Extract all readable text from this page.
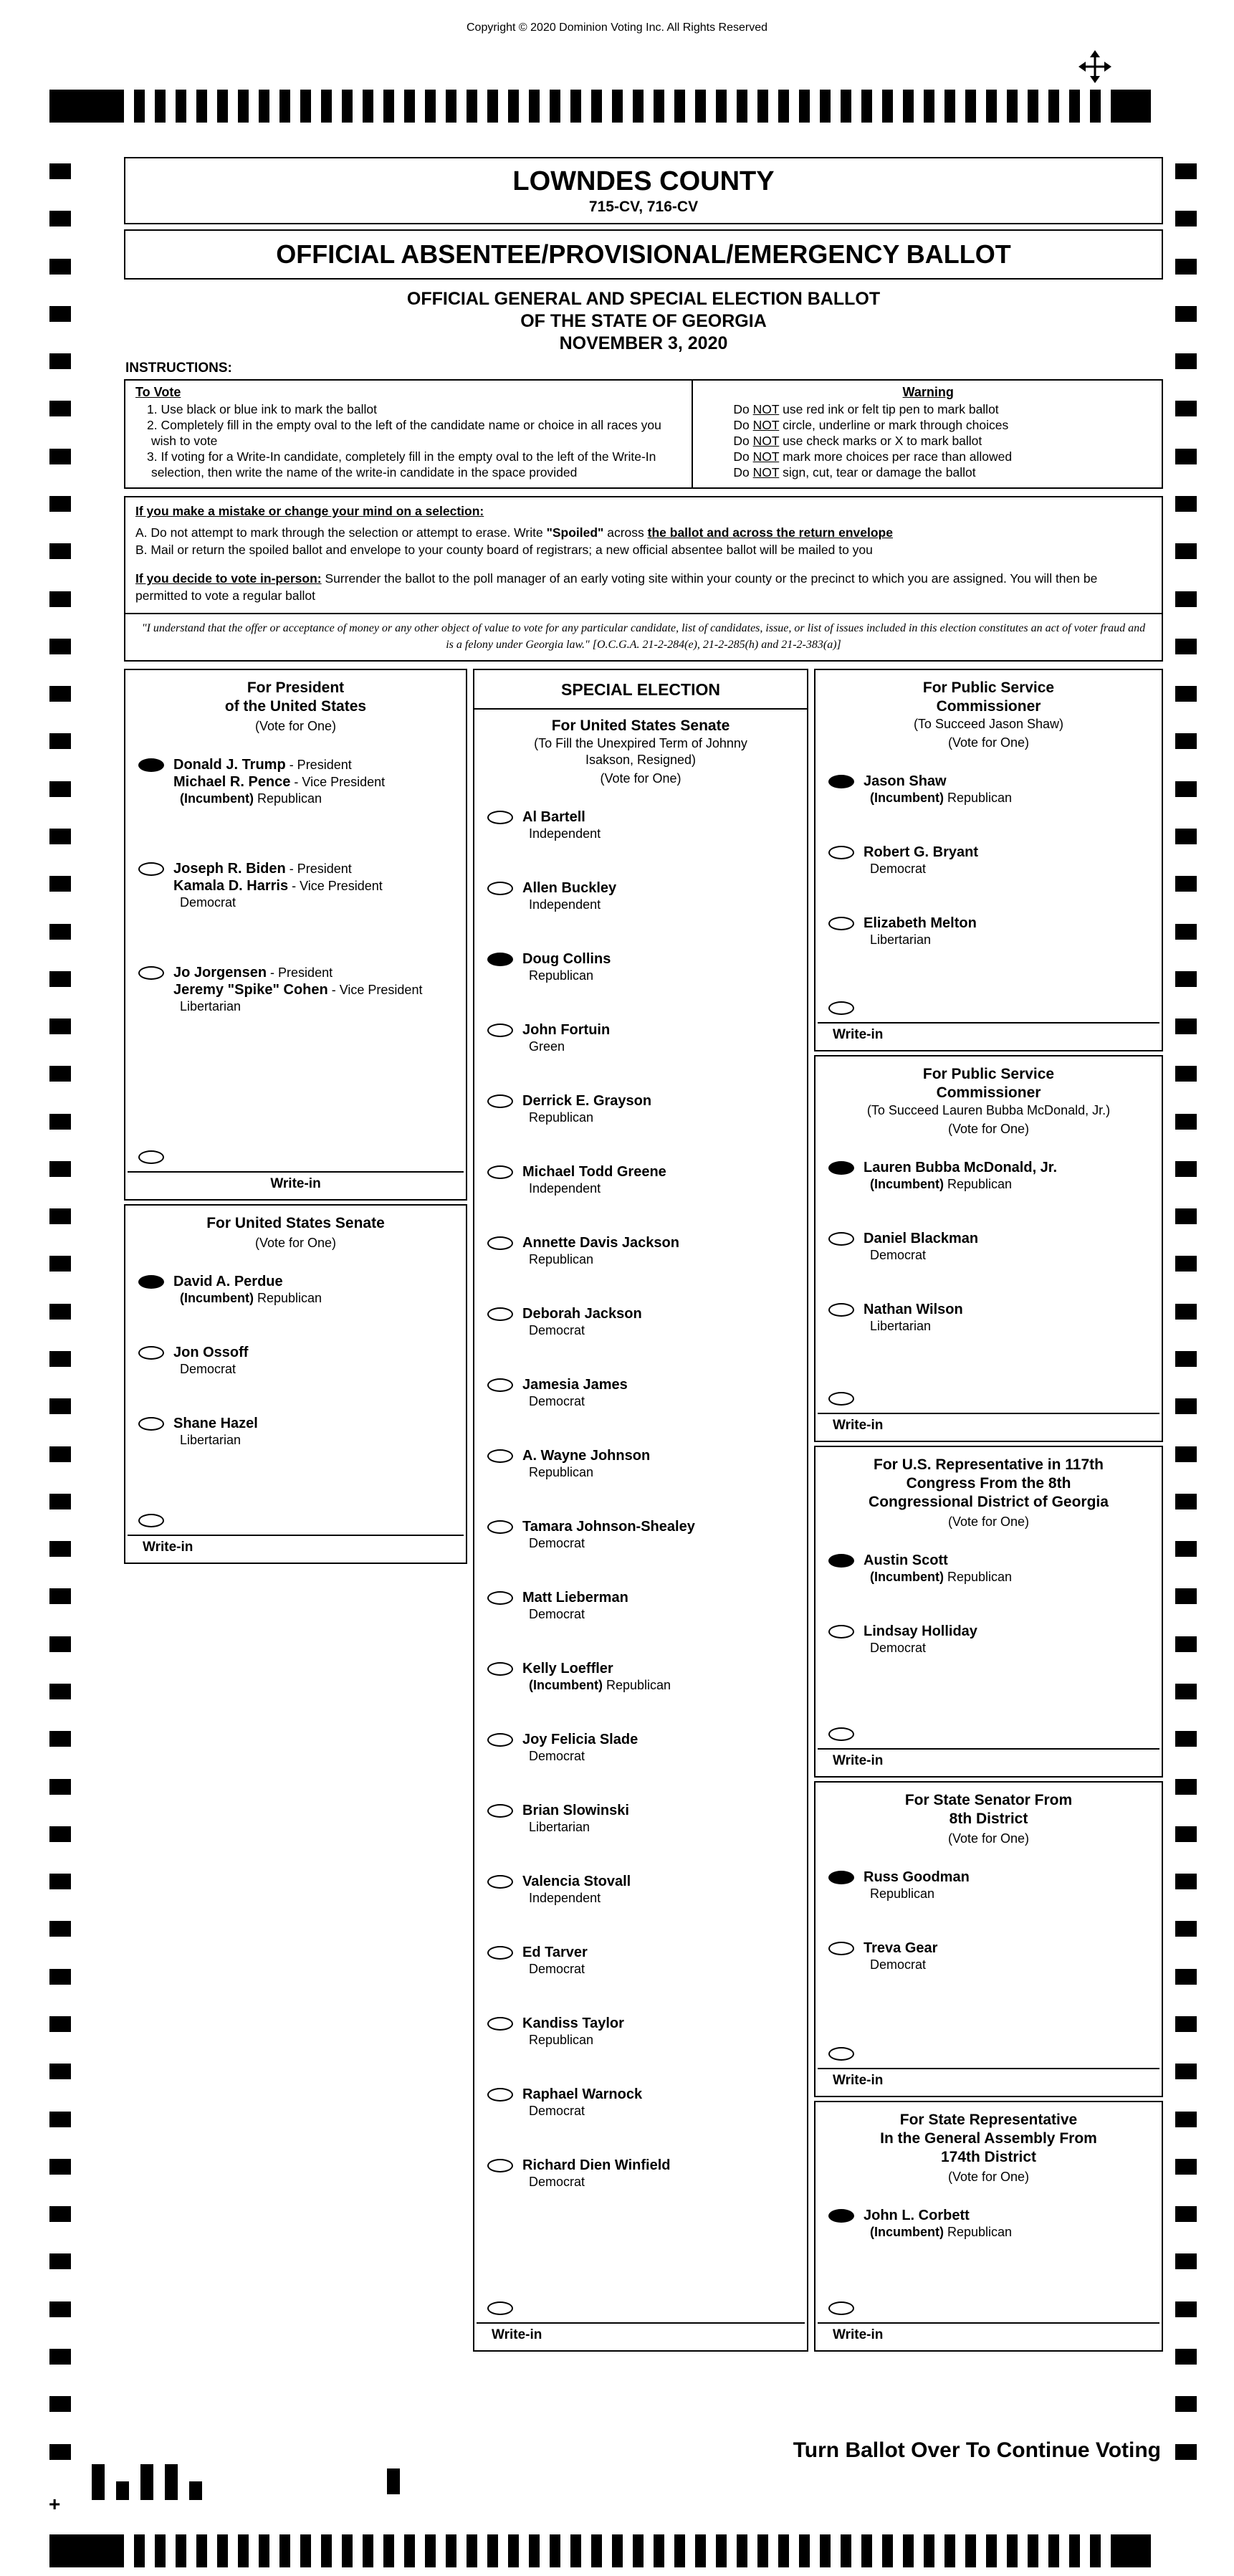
Copyright © 2020 Dominion Voting Inc. All Rights Reserved
LOWNDES COUNTY
715-CV, 716-CV
OFFICIAL ABSENTEE/PROVISIONAL/EMERGENCY BALLOT
OFFICIAL GENERAL AND SPECIAL ELECTION BALLOT
OF THE STATE OF GEORGIA
NOVEMBER 3, 2020
INSTRUCTIONS:
To Vote
1. Use black or blue ink to mark the ballot
2. Completely fill in the empty oval to the left of the candidate name or choice in all races you wish to vote
3. If voting for a Write-In candidate, completely fill in the empty oval to the left of the Write-In selection, then write the name of the write-in candidate in the space provided
Warning
Do NOT use red ink or felt tip pen to mark ballot
Do NOT circle, underline or mark through choices
Do NOT use check marks or X to mark ballot
Do NOT mark more choices per race than allowed
Do NOT sign, cut, tear or damage the ballot
If you make a mistake or change your mind on a selection:
A. Do not attempt to mark through the selection or attempt to erase. Write "Spoiled" across the ballot and across the return envelope
B. Mail or return the spoiled ballot and envelope to your county board of registrars; a new official absentee ballot will be mailed to you
If you decide to vote in-person: Surrender the ballot to the poll manager of an early voting site within your county or the precinct to which you are assigned. You will then be permitted to vote a regular ballot
"I understand that the offer or acceptance of money or any other object of value to vote for any particular candidate, list of candidates, issue, or list of issues included in this election constitutes an act of voter fraud and is a felony under Georgia law." [O.C.G.A. 21-2-284(e), 21-2-285(h) and 21-2-383(a)]
For President
of the United States
(Vote for One)
Donald J. Trump - President
Michael R. Pence - Vice President
(Incumbent) Republican
Joseph R. Biden - President
Kamala D. Harris - Vice President
Democrat
Jo Jorgensen - President
Jeremy "Spike" Cohen - Vice President
Libertarian
Write-in
For United States Senate
(Vote for One)
David A. Perdue
(Incumbent) Republican
Jon Ossoff
Democrat
Shane Hazel
Libertarian
Write-in
SPECIAL ELECTION
For United States Senate
(To Fill the Unexpired Term of Johnny
Isakson, Resigned)
(Vote for One)
Al Bartell
Independent
Allen Buckley
Independent
Doug Collins
Republican
John Fortuin
Green
Derrick E. Grayson
Republican
Michael Todd Greene
Independent
Annette Davis Jackson
Republican
Deborah Jackson
Democrat
Jamesia James
Democrat
A. Wayne Johnson
Republican
Tamara Johnson-Shealey
Democrat
Matt Lieberman
Democrat
Kelly Loeffler
(Incumbent) Republican
Joy Felicia Slade
Democrat
Brian Slowinski
Libertarian
Valencia Stovall
Independent
Ed Tarver
Democrat
Kandiss Taylor
Republican
Raphael Warnock
Democrat
Richard Dien Winfield
Democrat
Write-in
For Public Service
Commissioner
(To Succeed Jason Shaw)
(Vote for One)
Jason Shaw
(Incumbent) Republican
Robert G. Bryant
Democrat
Elizabeth Melton
Libertarian
Write-in
For Public Service
Commissioner
(To Succeed Lauren Bubba McDonald, Jr.)
(Vote for One)
Lauren Bubba McDonald, Jr.
(Incumbent) Republican
Daniel Blackman
Democrat
Nathan Wilson
Libertarian
Write-in
For U.S. Representative in 117th
Congress From the 8th
Congressional District of Georgia
(Vote for One)
Austin Scott
(Incumbent) Republican
Lindsay Holliday
Democrat
Write-in
For State Senator From
8th District
(Vote for One)
Russ Goodman
Republican
Treva Gear
Democrat
Write-in
For State Representative
In the General Assembly From
174th District
(Vote for One)
John L. Corbett
(Incumbent) Republican
Write-in
+
Turn Ballot Over To Continue Voting
